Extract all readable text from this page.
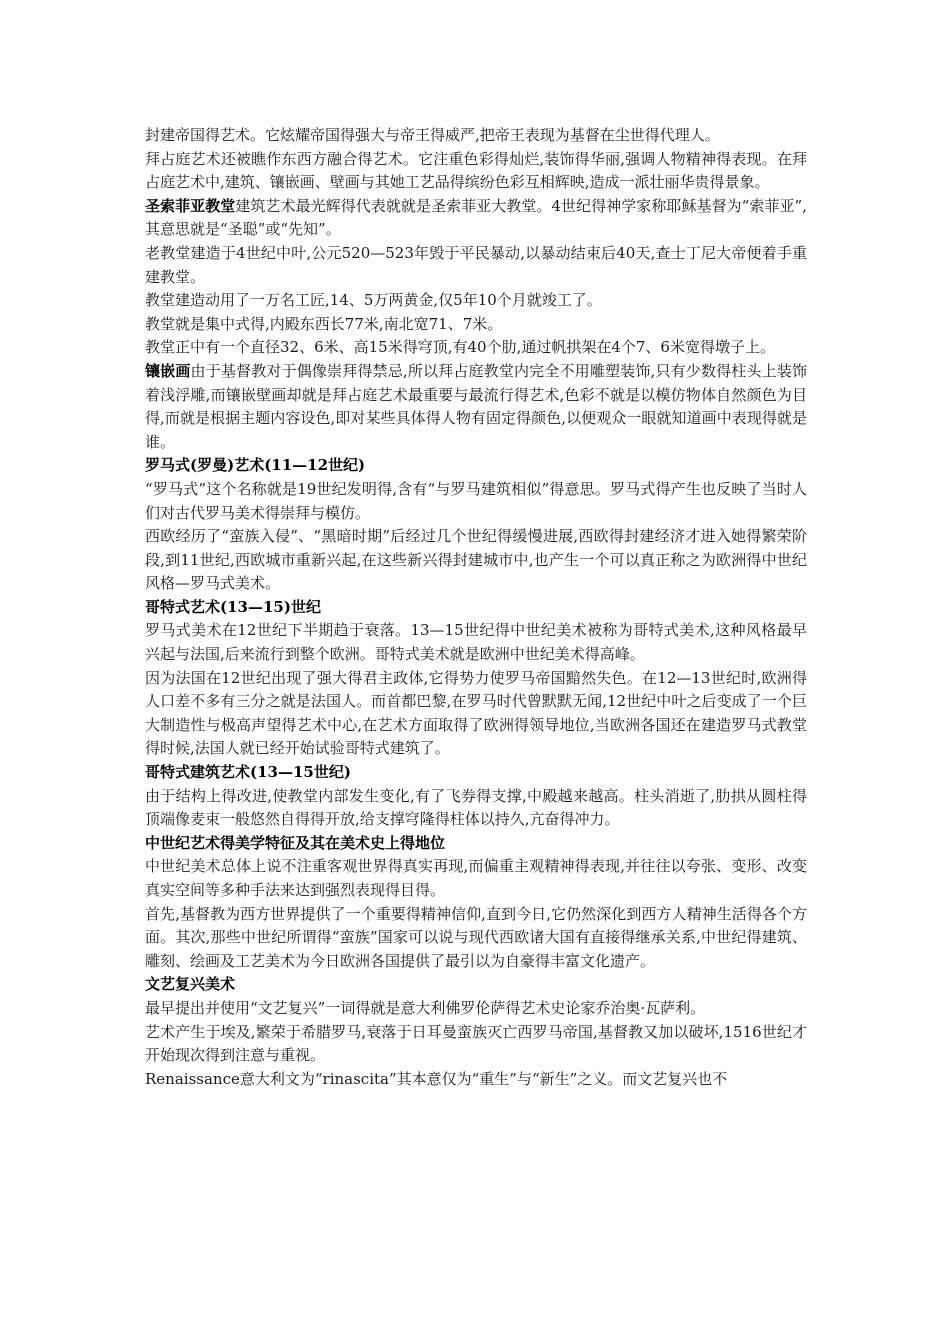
封建帝国得艺术。它炫耀帝国得强大与帝王得威严,把帝王表现为基督在尘世得代理人。

拜占庭艺术还被瞧作东西方融合得艺术。它注重色彩得灿烂,装饰得华丽,强调人物精神得表现。在拜占庭艺术中,建筑、镶嵌画、壁画与其她工艺品得缤纷色彩互相辉映,造成一派壮丽华贵得景象。

圣索菲亚教堂建筑艺术最光辉得代表就就是圣索菲亚大教堂。4世纪得神学家称耶稣基督为“索菲亚”,其意思就是“圣聪”或“先知”。

老教堂建造于4世纪中叶,公元520—523年毁于平民暴动,以暴动结束后40天,查士丁尼大帝便着手重建教堂。

教堂建造动用了一万名工匠,14、5万两黄金,仅5年10个月就竣工了。

教堂就是集中式得,内殿东西长77米,南北宽71、7米。

教堂正中有一个直径32、6米、高15米得穹顶,有40个肋,通过帆拱架在4个7、6米宽得墩子上。

镶嵌画由于基督教对于偶像崇拜得禁忌,所以拜占庭教堂内完全不用雕塑装饰,只有少数得柱头上装饰着浅浮雕,而镶嵌壁画却就是拜占庭艺术最重要与最流行得艺术,色彩不就是以模仿物体自然颜色为目得,而就是根据主题内容设色,即对某些具体得人物有固定得颜色,以便观众一眼就知道画中表现得就是谁。

罗马式(罗曼)艺术(11—12世纪)

“罗马式”这个名称就是19世纪发明得,含有“与罗马建筑相似”得意思。罗马式得产生也反映了当时人们对古代罗马美术得崇拜与模仿。

西欧经历了“蛮族入侵”、“黑暗时期”后经过几个世纪得缓慢进展,西欧得封建经济才进入她得繁荣阶段,到11世纪,西欧城市重新兴起,在这些新兴得封建城市中,也产生一个可以真正称之为欧洲得中世纪风格—罗马式美术。

哥特式艺术(13—15)世纪

罗马式美术在12世纪下半期趋于衰落。13—15世纪得中世纪美术被称为哥特式美术,这种风格最早兴起与法国,后来流行到整个欧洲。哥特式美术就是欧洲中世纪美术得高峰。

因为法国在12世纪出现了强大得君主政体,它得势力使罗马帝国黯然失色。在12—13世纪时,欧洲得人口差不多有三分之就是法国人。而首都巴黎,在罗马时代曾默默无闻,12世纪中叶之后变成了一个巨大制造性与极高声望得艺术中心,在艺术方面取得了欧洲得领导地位,当欧洲各国还在建造罗马式教堂得时候,法国人就已经开始试验哥特式建筑了。

哥特式建筑艺术(13—15世纪)

由于结构上得改进,使教堂内部发生变化,有了飞券得支撑,中殿越来越高。柱头消逝了,肋拱从圆柱得顶端像麦束一般悠然自得得开放,给支撑穹隆得柱体以持久,亢奋得冲力。

中世纪艺术得美学特征及其在美术史上得地位

中世纪美术总体上说不注重客观世界得真实再现,而偏重主观精神得表现,并往往以夸张、变形、改变真实空间等多种手法来达到强烈表现得目得。

首先,基督教为西方世界提供了一个重要得精神信仰,直到今日,它仍然深化到西方人精神生活得各个方面。其次,那些中世纪所谓得“蛮族”国家可以说与现代西欧诸大国有直接得继承关系,中世纪得建筑、雕刻、绘画及工艺美术为今日欧洲各国提供了最引以为自豪得丰富文化遗产。

文艺复兴美术

最早提出并使用“文艺复兴”一词得就是意大利佛罗伦萨得艺术史论家乔治奥·瓦萨利。

艺术产生于埃及,繁荣于希腊罗马,衰落于日耳曼蛮族灭亡西罗马帝国,基督教又加以破坏,1516世纪才开始现次得到注意与重视。

Renaissance意大利文为“rinascita”其本意仅为“重生”与“新生”之义。而文艺复兴也不
